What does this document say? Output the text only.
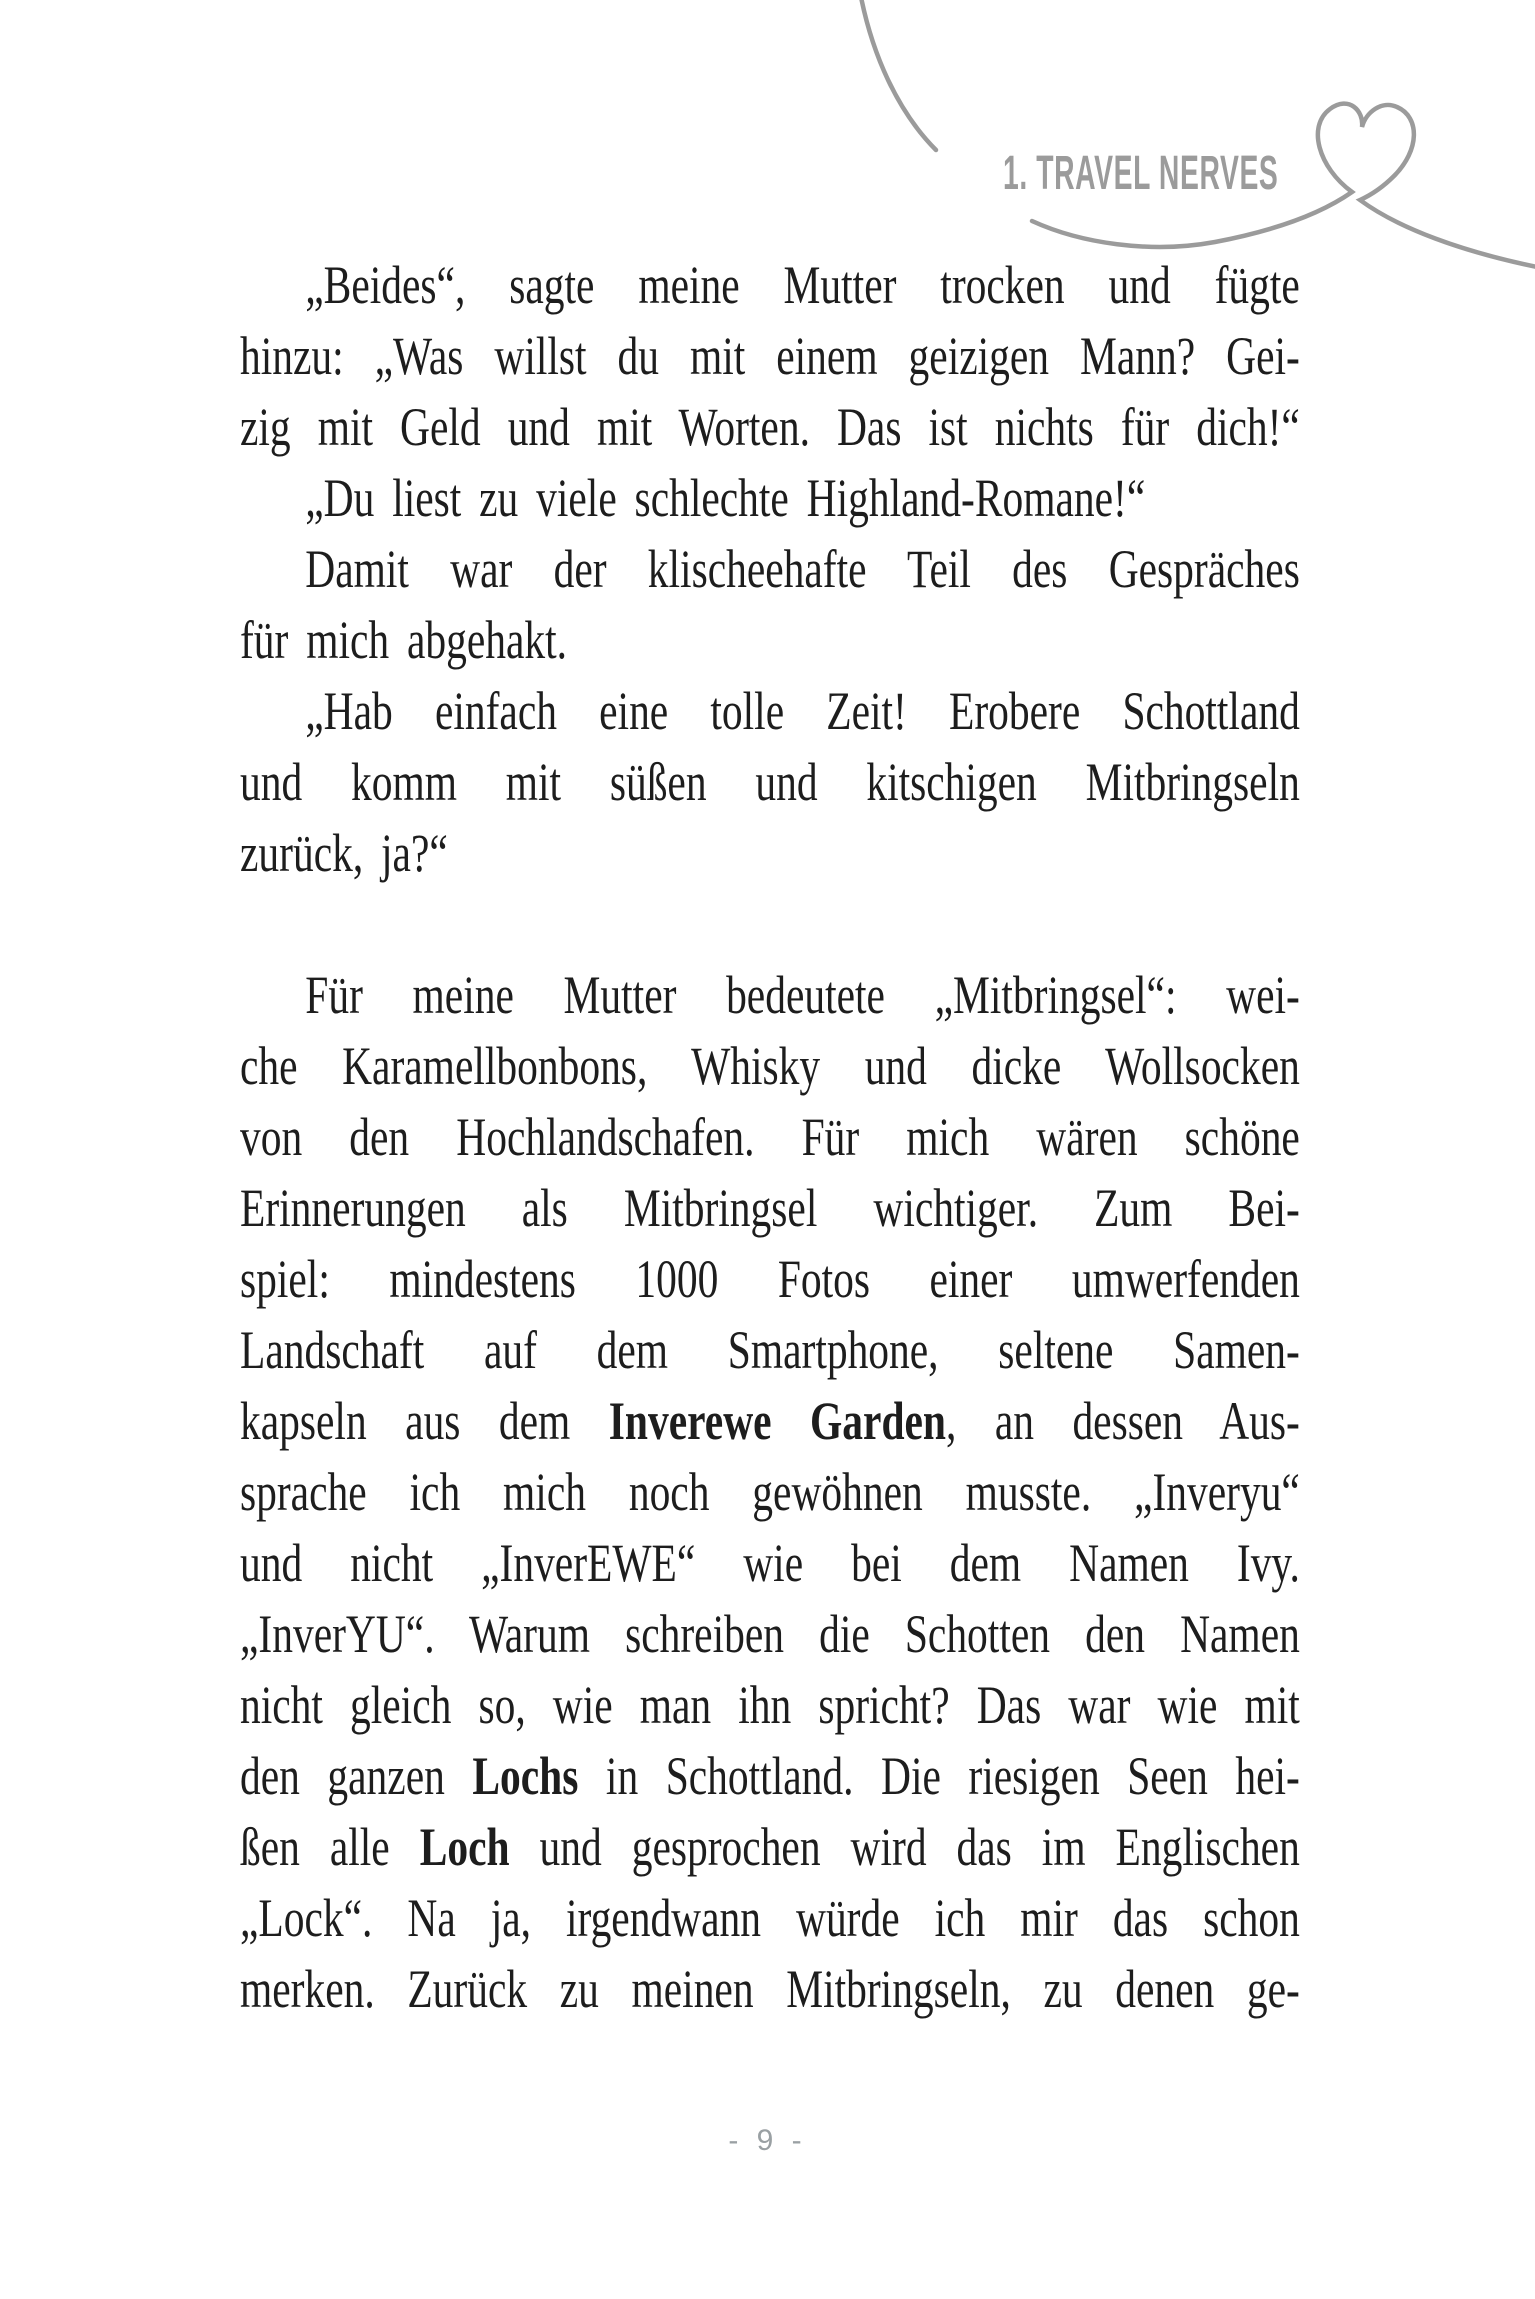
1. TRAVEL NERVES
„Beides“, sagte meine Mutter trocken und fügte
hinzu: „Was willst du mit einem geizigen Mann? Gei-
zig mit Geld und mit Worten. Das ist nichts für dich!“
„Du liest zu viele schlechte Highland-Romane!“
Damit war der klischeehafte Teil des Gespräches
für mich abgehakt.
„Hab einfach eine tolle Zeit! Erobere Schottland
und komm mit süßen und kitschigen Mitbringseln
zurück, ja?“

Für meine Mutter bedeutete „Mitbringsel“: wei-
che Karamellbonbons, Whisky und dicke Wollsocken
von den Hochlandschafen. Für mich wären schöne
Erinnerungen als Mitbringsel wichtiger. Zum Bei-
spiel: mindestens 1000 Fotos einer umwerfenden
Landschaft auf dem Smartphone, seltene Samen-
kapseln aus dem Inverewe Garden, an dessen Aus-
sprache ich mich noch gewöhnen musste. „Inveryu“
und nicht „InverEWE“ wie bei dem Namen Ivy.
„InverYU“. Warum schreiben die Schotten den Namen
nicht gleich so, wie man ihn spricht? Das war wie mit
den ganzen Lochs in Schottland. Die riesigen Seen hei-
ßen alle Loch und gesprochen wird das im Englischen
„Lock“. Na ja, irgendwann würde ich mir das schon
merken. Zurück zu meinen Mitbringseln, zu denen ge-
- 9 -
